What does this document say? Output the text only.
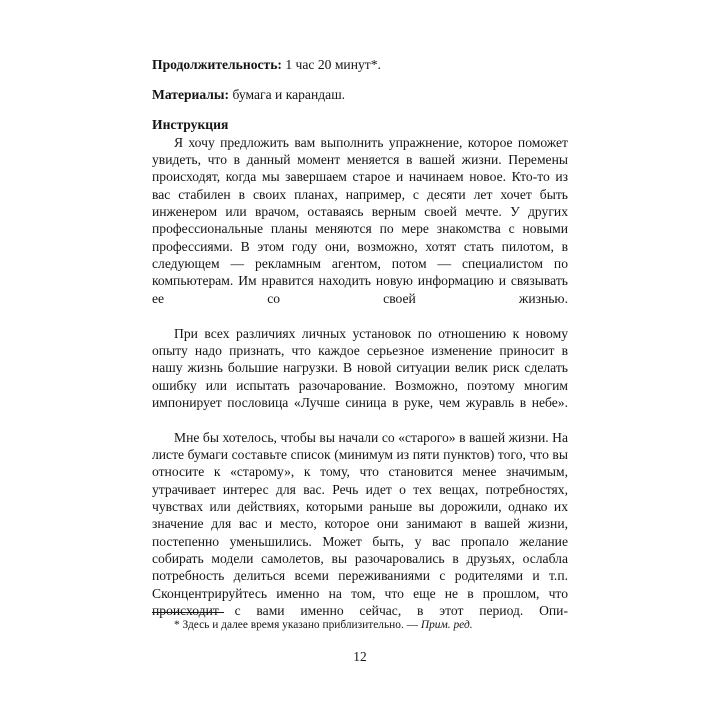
Продолжительность: 1 час 20 минут*.

Материалы: бумага и карандаш.

Инструкция

Я хочу предложить вам выполнить упражнение, которое поможет увидеть, что в данный момент меняется в вашей жизни. Перемены происходят, когда мы завершаем старое и начинаем новое. Кто-то из вас стабилен в своих планах, например, с десяти лет хочет быть инженером или врачом, оставаясь верным своей мечте. У других профессиональные планы меняются по мере знакомства с новыми профессиями. В этом году они, возможно, хотят стать пилотом, в следующем — рекламным агентом, потом — специалистом по компьютерам. Им нравится находить новую информацию и связывать ее со своей жизнью.

При всех различиях личных установок по отношению к новому опыту надо признать, что каждое серьезное изменение приносит в нашу жизнь большие нагрузки. В новой ситуации велик риск сделать ошибку или испытать разочарование. Возможно, поэтому многим импонирует пословица «Лучше синица в руке, чем журавль в небе».

Мне бы хотелось, чтобы вы начали со «старого» в вашей жизни. На листе бумаги составьте список (минимум из пяти пунктов) того, что вы относите к «старому», к тому, что становится менее значимым, утрачивает интерес для вас. Речь идет о тех вещах, потребностях, чувствах или действиях, которыми раньше вы дорожили, однако их значение для вас и место, которое они занимают в вашей жизни, постепенно уменьшились. Может быть, у вас пропало желание собирать модели самолетов, вы разочаровались в друзьях, ослабла потребность делиться всеми переживаниями с родителями и т.п. Сконцентрируйтесь именно на том, что еще не в прошлом, что происходит с вами именно сейчас, в этот период. Опи-

* Здесь и далее время указано приблизительно. — Прим. ред.

12
